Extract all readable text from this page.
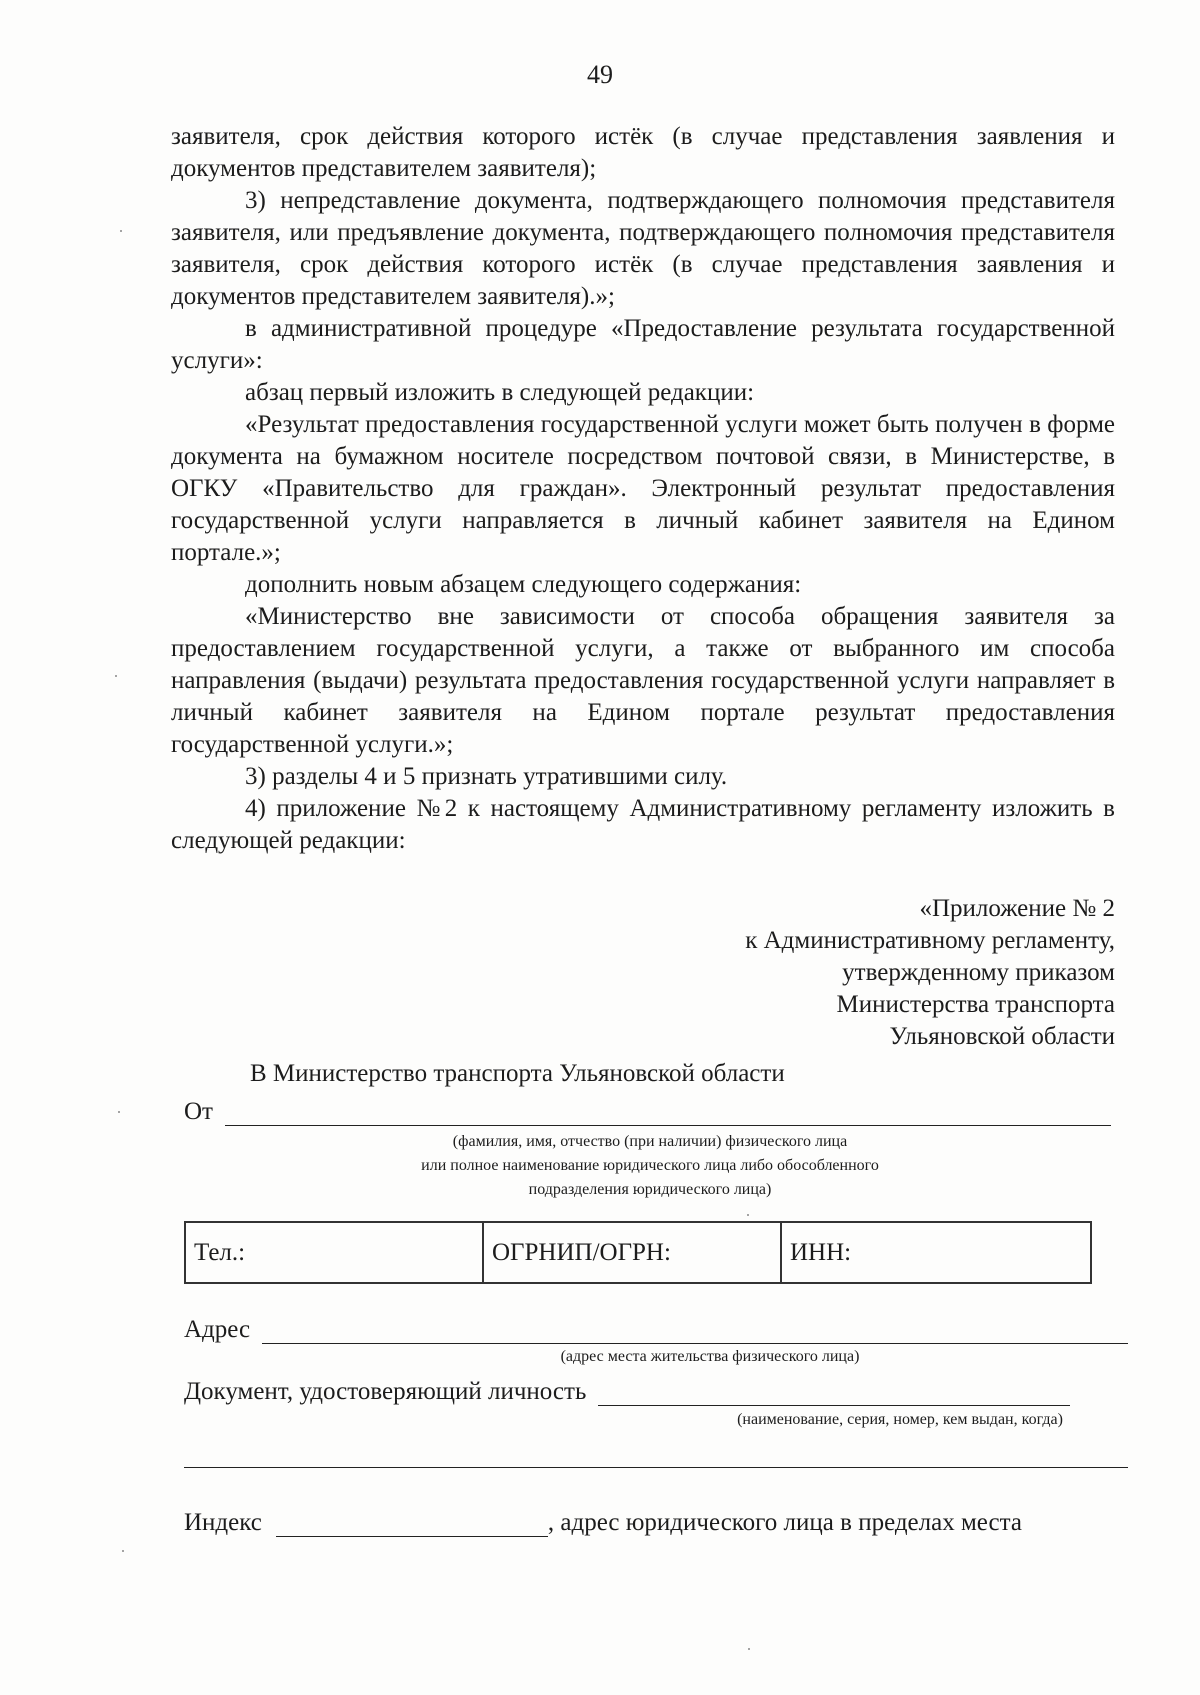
49

заявителя, срок действия которого истёк (в случае представления заявления и документов представителем заявителя);

3) непредставление документа, подтверждающего полномочия представителя заявителя, или предъявление документа, подтверждающего полномочия представителя заявителя, срок действия которого истёк (в случае представления заявления и документов представителем заявителя).»;

в административной процедуре «Предоставление результата государственной услуги»:

абзац первый изложить в следующей редакции:

«Результат предоставления государственной услуги может быть получен в форме документа на бумажном носителе посредством почтовой связи, в Министерстве, в ОГКУ «Правительство для граждан». Электронный результат предоставления государственной услуги направляется в личный кабинет заявителя на Едином портале.»;

дополнить новым абзацем следующего содержания:

«Министерство вне зависимости от способа обращения заявителя за предоставлением государственной услуги, а также от выбранного им способа направления (выдачи) результата предоставления государственной услуги направляет в личный кабинет заявителя на Едином портале результат предоставления государственной услуги.»;

3) разделы 4 и 5 признать утратившими силу.

4) приложение №2 к настоящему Административному регламенту изложить в следующей редакции:

«Приложение № 2
к Административному регламенту,
утвержденному приказом
Министерства транспорта
Ульяновской области
В Министерство транспорта Ульяновской области
От
(фамилия, имя, отчество (при наличии) физического лица
или полное наименование юридического лица либо обособленного
подразделения юридического лица)
Тел.:	ОГРНИП/ОГРН:	ИНН:
Адрес
(адрес места жительства физического лица)
Документ, удостоверяющий личность
(наименование, серия, номер, кем выдан, когда)
Индекс	, адрес юридического лица в пределах места
